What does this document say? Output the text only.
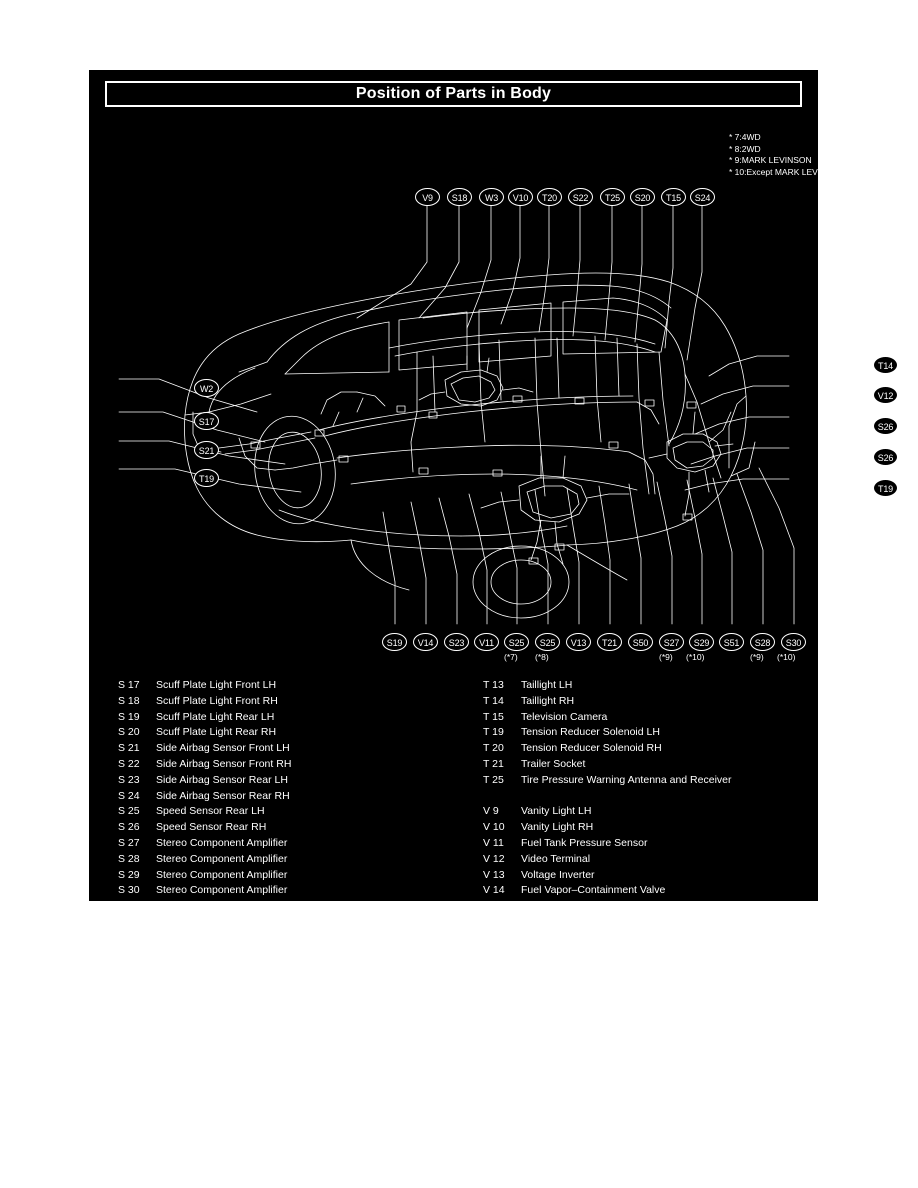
Position of Parts in Body
* 7:4WD
* 8:2WD
* 9:MARK LEVINSON
* 10:Except MARK LEVINSON
V9	S18	W3	V10	T20	S22	T25	S20	T15	S24
W2
S17
S21
T19
T14
V12
S26
(*8)
S26
(*7)
T19
S19	V14	S23	V11	S25
(*7)
S25
(*8)
V13	T21	S50	S27
(*9)
S29
(*10)
S51	S28
(*9)
S30
(*10)
S 17	Scuff Plate Light Front LH
S 18	Scuff Plate Light Front RH
S 19	Scuff Plate Light Rear LH
S 20	Scuff Plate Light Rear RH
S 21	Side Airbag Sensor Front LH
S 22	Side Airbag Sensor Front RH
S 23	Side Airbag Sensor Rear LH
S 24	Side Airbag Sensor Rear RH
S 25	Speed Sensor Rear LH
S 26	Speed Sensor Rear RH
S 27	Stereo Component Amplifier
S 28	Stereo Component Amplifier
S 29	Stereo Component Amplifier
S 30	Stereo Component Amplifier
S 50	Stereo Component Amplifier
S 51	Stereo Component Amplifier
T 13	Taillight LH
T 14	Taillight RH
T 15	Television Camera
T 19	Tension Reducer Solenoid LH
T 20	Tension Reducer Solenoid RH
T 21	Trailer Socket
T 25	Tire Pressure Warning Antenna and Receiver
V 9	Vanity Light LH
V 10	Vanity Light RH
V 11	Fuel Tank Pressure Sensor
V 12	Video Terminal
V 13	Voltage Inverter
V 14	Fuel Vapor–Containment Valve
W 2	Woofer (Front LH)
W 3	Woofer (Front RH)
